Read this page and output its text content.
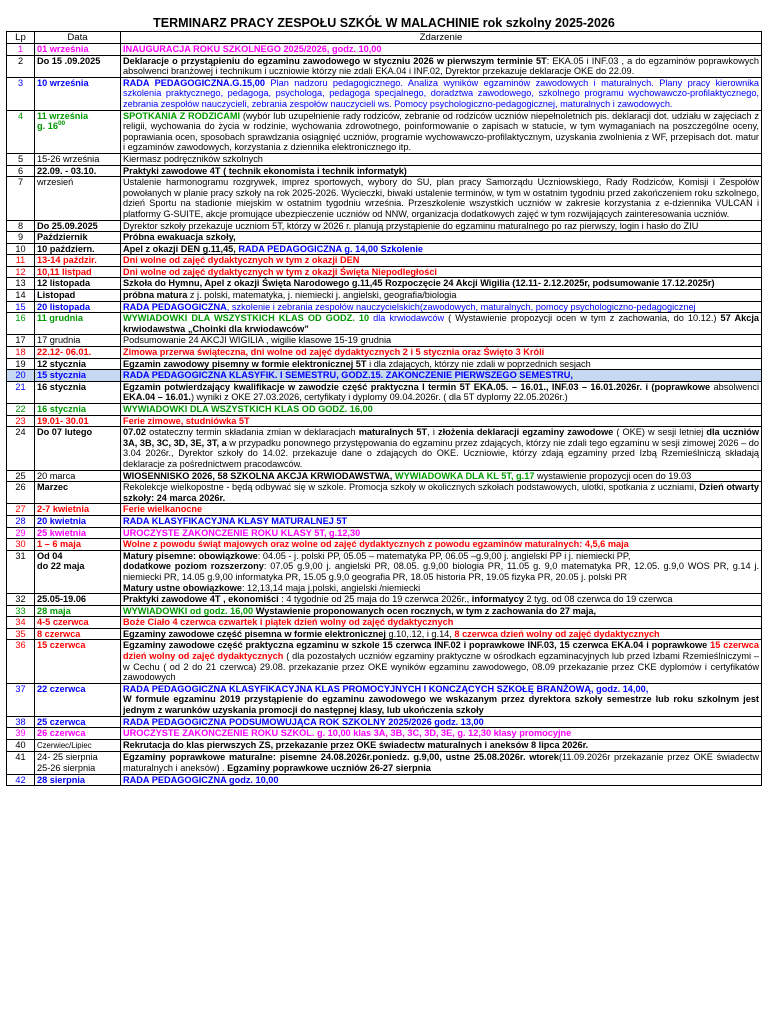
TERMINARZ PRACY ZESPOŁU SZKÓŁ W MALACHINIE rok szkolny 2025-2026
Lp	Data	Zdarzenie
1	01 września	INAUGURACJA ROKU SZKOLNEGO 2025/2026, godz. 10,00
2	Do 15 .09.2025	Deklaracje o przystąpieniu do egzaminu zawodowego w styczniu 2026 w pierwszym terminie 5T: EKA.05 i INF.03 , a do egzaminów poprawkowych absolwenci branżowej i technikum i uczniowie którzy nie zdali EKA.04 i INF.02, Dyrektor przekazuje deklaracje OKE do 22.09.
3	10 września	RADA PEDAGOGICZNA.G.15,00 Plan nadzoru pedagogicznego. Analiza wyników egzaminów zawodowych i maturalnych. Plany pracy kierownika szkolenia praktycznego, pedagoga, psychologa, pedagoga specjalnego, doradztwa zawodowego, szkolnego programu wychowawczo-profilaktycznego, zebrania zespołów nauczycieli, zebrania zespołów nauczycieli ws. Pomocy psychologiczno-pedagogicznej, maturalnych i zawodowych.
4	11 września
g. $16^{00}$	SPOTKANIA Z RODZICAMI (wybór lub uzupełnienie rady rodziców, zebranie od rodziców uczniów niepełnoletnich pis. deklaracji dot. udziału w zajęciach z religii, wychowania do życia w rodzinie, wychowania zdrowotnego, poinformowanie o zapisach w statucie, w tym wymaganiach na poszczególne oceny, poprawiania ocen, sposobach sprawdzania osiągnięć uczniów, programie wychowawczo-profilaktycznym, uzyskania zwolnienia z WF, przepisach dot. matur i egzaminów zawodowych, korzystania z dziennika elektronicznego itp.
5	15-26 września	Kiermasz podręczników szkolnych
6	22.09. - 03.10.	Praktyki zawodowe 4T ( technik ekonomista i technik informatyk)
7	wrzesień	Ustalenie harmonogramu rozgrywek, imprez sportowych, wybory do SU, plan pracy Samorządu Uczniowskiego, Rady Rodziców, Komisji i Zespołów powołanych w planie pracy szkoły na rok 2025-2026. Wycieczki, biwaki ustalenie terminów, w tym w ostatnim tygodniu przed zakończeniem roku szkolnego, dzień Sportu na stadionie miejskim w ostatnim tygodniu września. Przeszkolenie wszystkich uczniów w zakresie korzystania z e-dziennika VULCAN i platformy G-SUITE, akcje promujące ubezpieczenie uczniów od NNW, organizacja dodatkowych zajęć w tym rozwijających zainteresowania uczniów.
8	Do 25.09.2025	Dyrektor szkoły przekazuje uczniom 5T, którzy w 2026 r. planują przystąpienie do egzaminu maturalnego po raz pierwszy, login i hasło do ZIU
9	Październik	Próbna ewakuacja szkoły,
10	10 październ.	Apel z okazji DEN g.11,45, RADA PEDAGOGICZNA g. 14,00 Szkolenie
11	13-14 paździr.	Dni wolne od zajęć dydaktycznych w tym z okazji DEN
12	10,11 listpad	Dni wolne od zajęć dydaktycznych w tym z okazji Święta Niepodległości
13	12 listopada	Szkoła do Hymnu, Apel z okazji Święta Narodowego g.11,45 Rozpoczęcie 24 Akcji Wigilia (12.11- 2.12.2025r, podsumowanie 17.12.2025r)
14	Listopad	próbna matura z j. polski, matematyka, j. niemiecki j. angielski, geografia/biologia
15	20 listopada	RADA PEDAGOGICZNA, szkolenie i zebrania zespołów nauczycielskich(zawodowych, maturalnych, pomocy psychologiczno-pedagogicznej
16	11 grudnia	WYWIADOWKI DLA WSZYSTKICH KLAS OD GODZ. 10 dla krwiodawców ( Wystawienie propozycji ocen w tym z zachowania, do 10.12.) 57 Akcja krwiodawstwa „Choinki dla krwiodawców”
17	17 grudnia	Podsumowanie 24 AKCJI WIGILIA , wigilie klasowe 15-19 grudnia
18	22.12- 06.01.	Zimowa przerwa świąteczna, dni wolne od zajęć dydaktycznych 2 i 5 stycznia oraz Święto 3 Króli
19	12 stycznia	Egzamin zawodowy pisemny w formie elektronicznej 5T i dla zdających, którzy nie zdali w poprzednich sesjach
20	15 stycznia	RADA PEDAGOGICZNA KLASYFIK. I SEMESTRU, GODZ.15. ZAKONCZENIE PIERWSZEGO SEMESTRU,
21	16 stycznia	Egzamin potwierdzający kwalifikacje w zawodzie część praktyczna I termin 5T EKA.05. – 16.01., INF.03 – 16.01.2026r. i (poprawkowe absolwenci EKA.04 – 16.01.) wyniki z OKE 27.03.2026, certyfikaty i dyplomy 09.04.2026r. ( dla 5T dyplomy 22.05.2026r.)
22	16 stycznia	WYWIADOWKI DLA WSZYSTKICH KLAS OD GODZ. 16,00
23	19.01- 30.01	Ferie zimowe, studniówka 5T
24	Do 07 lutego	07.02 ostateczny termin składania zmian w deklaracjach maturalnych 5T, i złożenia deklaracji egzaminy zawodowe ( OKE) w sesji letniej dla uczniów 3A, 3B, 3C, 3D, 3E, 3T, a w przypadku ponownego przystępowania do egzaminu przez zdających, którzy nie zdali tego egzaminu w sesji zimowej 2026 – do 3.04 2026r., Dyrektor szkoły do 14.02. przekazuje dane o zdających do OKE. Uczniowie, którzy zdają egzaminy przed Izbą Rzemieślniczą składają deklaracje za pośrednictwem pracodawców.
25	20 marca	WIOSENNISKO 2026, 58 SZKOLNA AKCJA KRWIODAWSTWA, WYWIADOWKA DLA KL 5T, g.17 wystawienie propozycji ocen do 19.03
26	Marzec	Rekolekcje wielkopostne - będą odbywać się w szkole. Promocja szkoły w okolicznych szkołach podstawowych, ulotki, spotkania z uczniami, Dzień otwarty szkoły: 24 marca 2026r.
27	2-7 kwietnia	Ferie wielkanocne
28	20 kwietnia	RADA KLASYFIKACYJNA KLASY MATURALNEJ 5T
29	25 kwietnia	UROCZYSTE ZAKONCZENIE ROKU KLASY 5T, g.12,30
30	1 – 6 maja	Wolne z powodu świąt majowych oraz wolne od zajęć dydaktycznych z powodu egzaminów maturalnych: 4,5,6 maja
31	Od 04
do 22 maja	Matury pisemne: obowiązkowe: 04.05 - j. polski PP, 05.05 – matematyka PP, 06.05 –g.9,00 j. angielski PP i j. niemiecki PP,
dodatkowe poziom rozszerzony: 07.05 g.9,00 j. angielski PR, 08.05. g.9,00 biologia PR, 11.05 g. 9,0 matematyka PR, 12.05. g.9,0 WOS PR, g.14 j. niemiecki PR, 14.05 g.9,00 informatyka PR, 15.05 g.9,0 geografia PR, 18.05 historia PR, 19.05 fizyka PR, 20.05 j. polski PR
Matury ustne obowiązkowe: 12,13,14 maja j.polski, angielski /niemiecki
32	25.05-19.06	Praktyki zawodowe 4T , ekonomiści : 4 tygodnie od 25 maja do 19 czerwca 2026r., informatycy 2 tyg. od 08 czerwca do 19 czerwca
33	28 maja	WYWIADOWKI od godz. 16,00 Wystawienie proponowanych ocen rocznych, w tym z zachowania do 27 maja,
34	4-5 czerwca	Boże Ciało 4 czerwca czwartek i piątek dzień wolny od zajęć dydaktycznych
35	8 czerwca	Egzaminy zawodowe część pisemna w formie elektronicznej g.10,.12, i g.14, 8 czerwca dzień wolny od zajęć dydaktycznych
36	15 czerwca	Egzaminy zawodowe część praktyczna egzaminu w szkole 15 czerwca INF.02 i poprawkowe INF.03, 15 czerwca EKA.04 i poprawkowe 15 czerwca dzień wolny od zajęć dydaktycznych ( dla pozostałych uczniów egzaminy praktyczne w ośrodkach egzaminacyjnych lub przed Izbami Rzemieślniczymi – w Cechu ( od 2 do 21 czerwca) 29.08. przekazanie przez OKE wyników egzaminu zawodowego, 08.09 przekazanie przez CKE dyplomów i certyfikatów zawodowych
37	22 czerwca	RADA PEDAGOGICZNA KLASYFIKACYJNA KLAS PROMOCYJNYCH I KONCZĄCYCH SZKOŁĘ BRANŻOWĄ, godz. 14,00,
W formule egzaminu 2019 przystąpienie do egzaminu zawodowego we wskazanym przez dyrektora szkoły semestrze lub roku szkolnym jest jednym z warunków uzyskania promocji do następnej klasy, lub ukończenia szkoły
38	25 czerwca	RADA PEDAGOGICZNA PODSUMOWUJĄCA ROK SZKOLNY 2025/2026 godz. 13,00
39	26 czerwca	UROCZYSTE ZAKONCZENIE ROKU SZKOL. g. 10,00 klas 3A, 3B, 3C, 3D, 3E, g. 12,30 klasy promocyjne
40	Czerwiec/Lipiec	Rekrutacja do klas pierwszych ZS, przekazanie przez OKE świadectw maturalnych i aneksów 8 lipca 2026r.
41	24- 25 sierpnia
25-26 sierpnia	Egzaminy poprawkowe maturalne: pisemne 24.08.2026r.poniedz. g.9,00, ustne 25.08.2026r. wtorek(11.09.2026r przekazanie przez OKE świadectw maturalnych i aneksów) . Egzaminy poprawkowe uczniów 26-27 sierpnia
42	28 sierpnia	RADA PEDAGOGICZNA godz. 10,00
